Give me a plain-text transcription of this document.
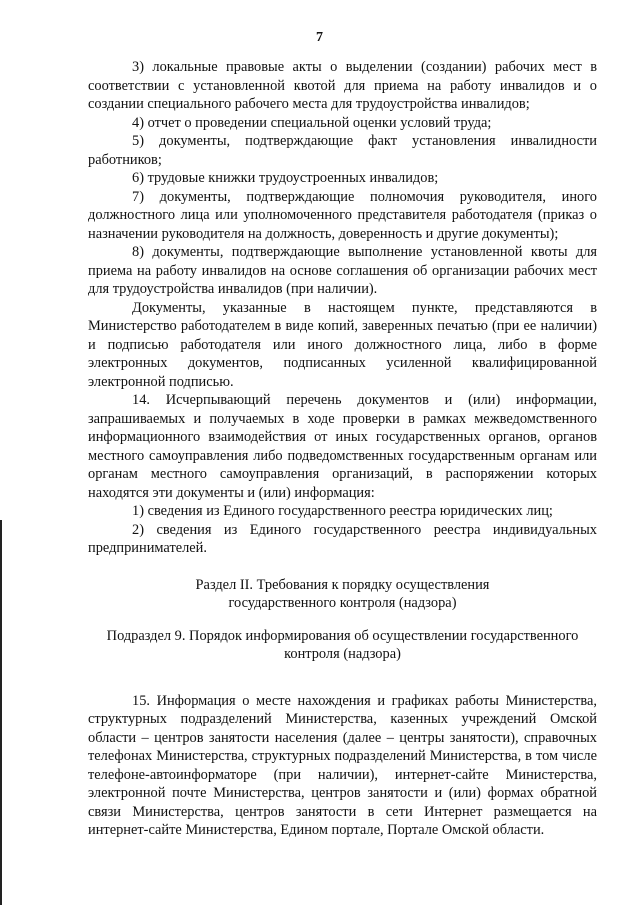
7

3) локальные правовые акты о выделении (создании) рабочих мест в соответствии с установленной квотой для приема на работу инвалидов и о создании специального рабочего места для трудоустройства инвалидов;

4) отчет о проведении специальной оценки условий труда;

5) документы, подтверждающие факт установления инвалидности работников;

6) трудовые книжки трудоустроенных инвалидов;

7) документы, подтверждающие полномочия руководителя, иного должностного лица или уполномоченного представителя работодателя (приказ о назначении руководителя на должность, доверенность и другие документы);

8) документы, подтверждающие выполнение установленной квоты для приема на работу инвалидов на основе соглашения об организации рабочих мест для трудоустройства инвалидов (при наличии).

Документы, указанные в настоящем пункте, представляются в Министерство работодателем в виде копий, заверенных печатью (при ее наличии) и подписью работодателя или иного должностного лица, либо в форме электронных документов, подписанных усиленной квалифицированной электронной подписью.

14. Исчерпывающий перечень документов и (или) информации, запрашиваемых и получаемых в ходе проверки в рамках межведомственного информационного взаимодействия от иных государственных органов, органов местного самоуправления либо подведомственных государственным органам или органам местного самоуправления организаций, в распоряжении которых находятся эти документы и (или) информация:

1) сведения из Единого государственного реестра юридических лиц;

2) сведения из Единого государственного реестра индивидуальных предпринимателей.

Раздел II. Требования к порядку осуществления
государственного контроля (надзора)
Подраздел 9. Порядок информирования об осуществлении государственного
контроля (надзора)

15. Информация о месте нахождения и графиках работы Министерства, структурных подразделений Министерства, казенных учреждений Омской области – центров занятости населения (далее – центры занятости), справочных телефонах Министерства, структурных подразделений Министерства, в том числе телефоне-автоинформаторе (при наличии), интернет-сайте Министерства, электронной почте Министерства, центров занятости и (или) формах обратной связи Министерства, центров занятости в сети Интернет размещается на интернет-сайте Министерства, Едином портале, Портале Омской области.
